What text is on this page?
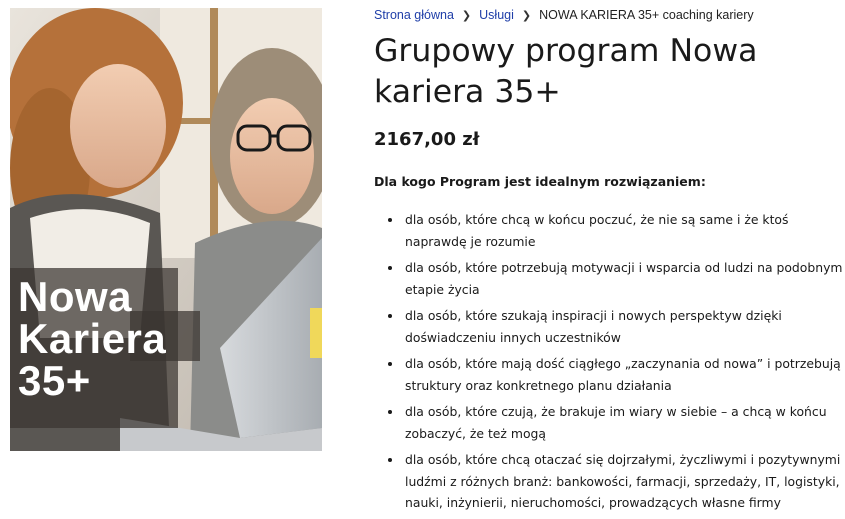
Nowa
Kariera
35+

Strona główna ❯ Usługi ❯ NOWA KARIERA 35+ coaching kariery
Grupowy program Nowa kariera 35+
2167,00 zł
Dla kogo Program jest idealnym rozwiązaniem:
• dla osób, które chcą w końcu poczuć, że nie są same i że ktoś naprawdę je rozumie
• dla osób, które potrzebują motywacji i wsparcia od ludzi na podobnym etapie życia
• dla osób, które szukają inspiracji i nowych perspektyw dzięki doświadczeniu innych uczestników
• dla osób, które mają dość ciągłego „zaczynania od nowa” i potrzebują struktury oraz konkretnego planu działania
• dla osób, które czują, że brakuje im wiary w siebie – a chcą w końcu zobaczyć, że też mogą
• dla osób, które chcą otaczać się dojrzałymi, życzliwymi i pozytywnymi ludźmi z różnych branż: bankowości, farmacji, sprzedaży, IT, logistyki, nauki, inżynierii, nieruchomości, prowadzących własne firmy
